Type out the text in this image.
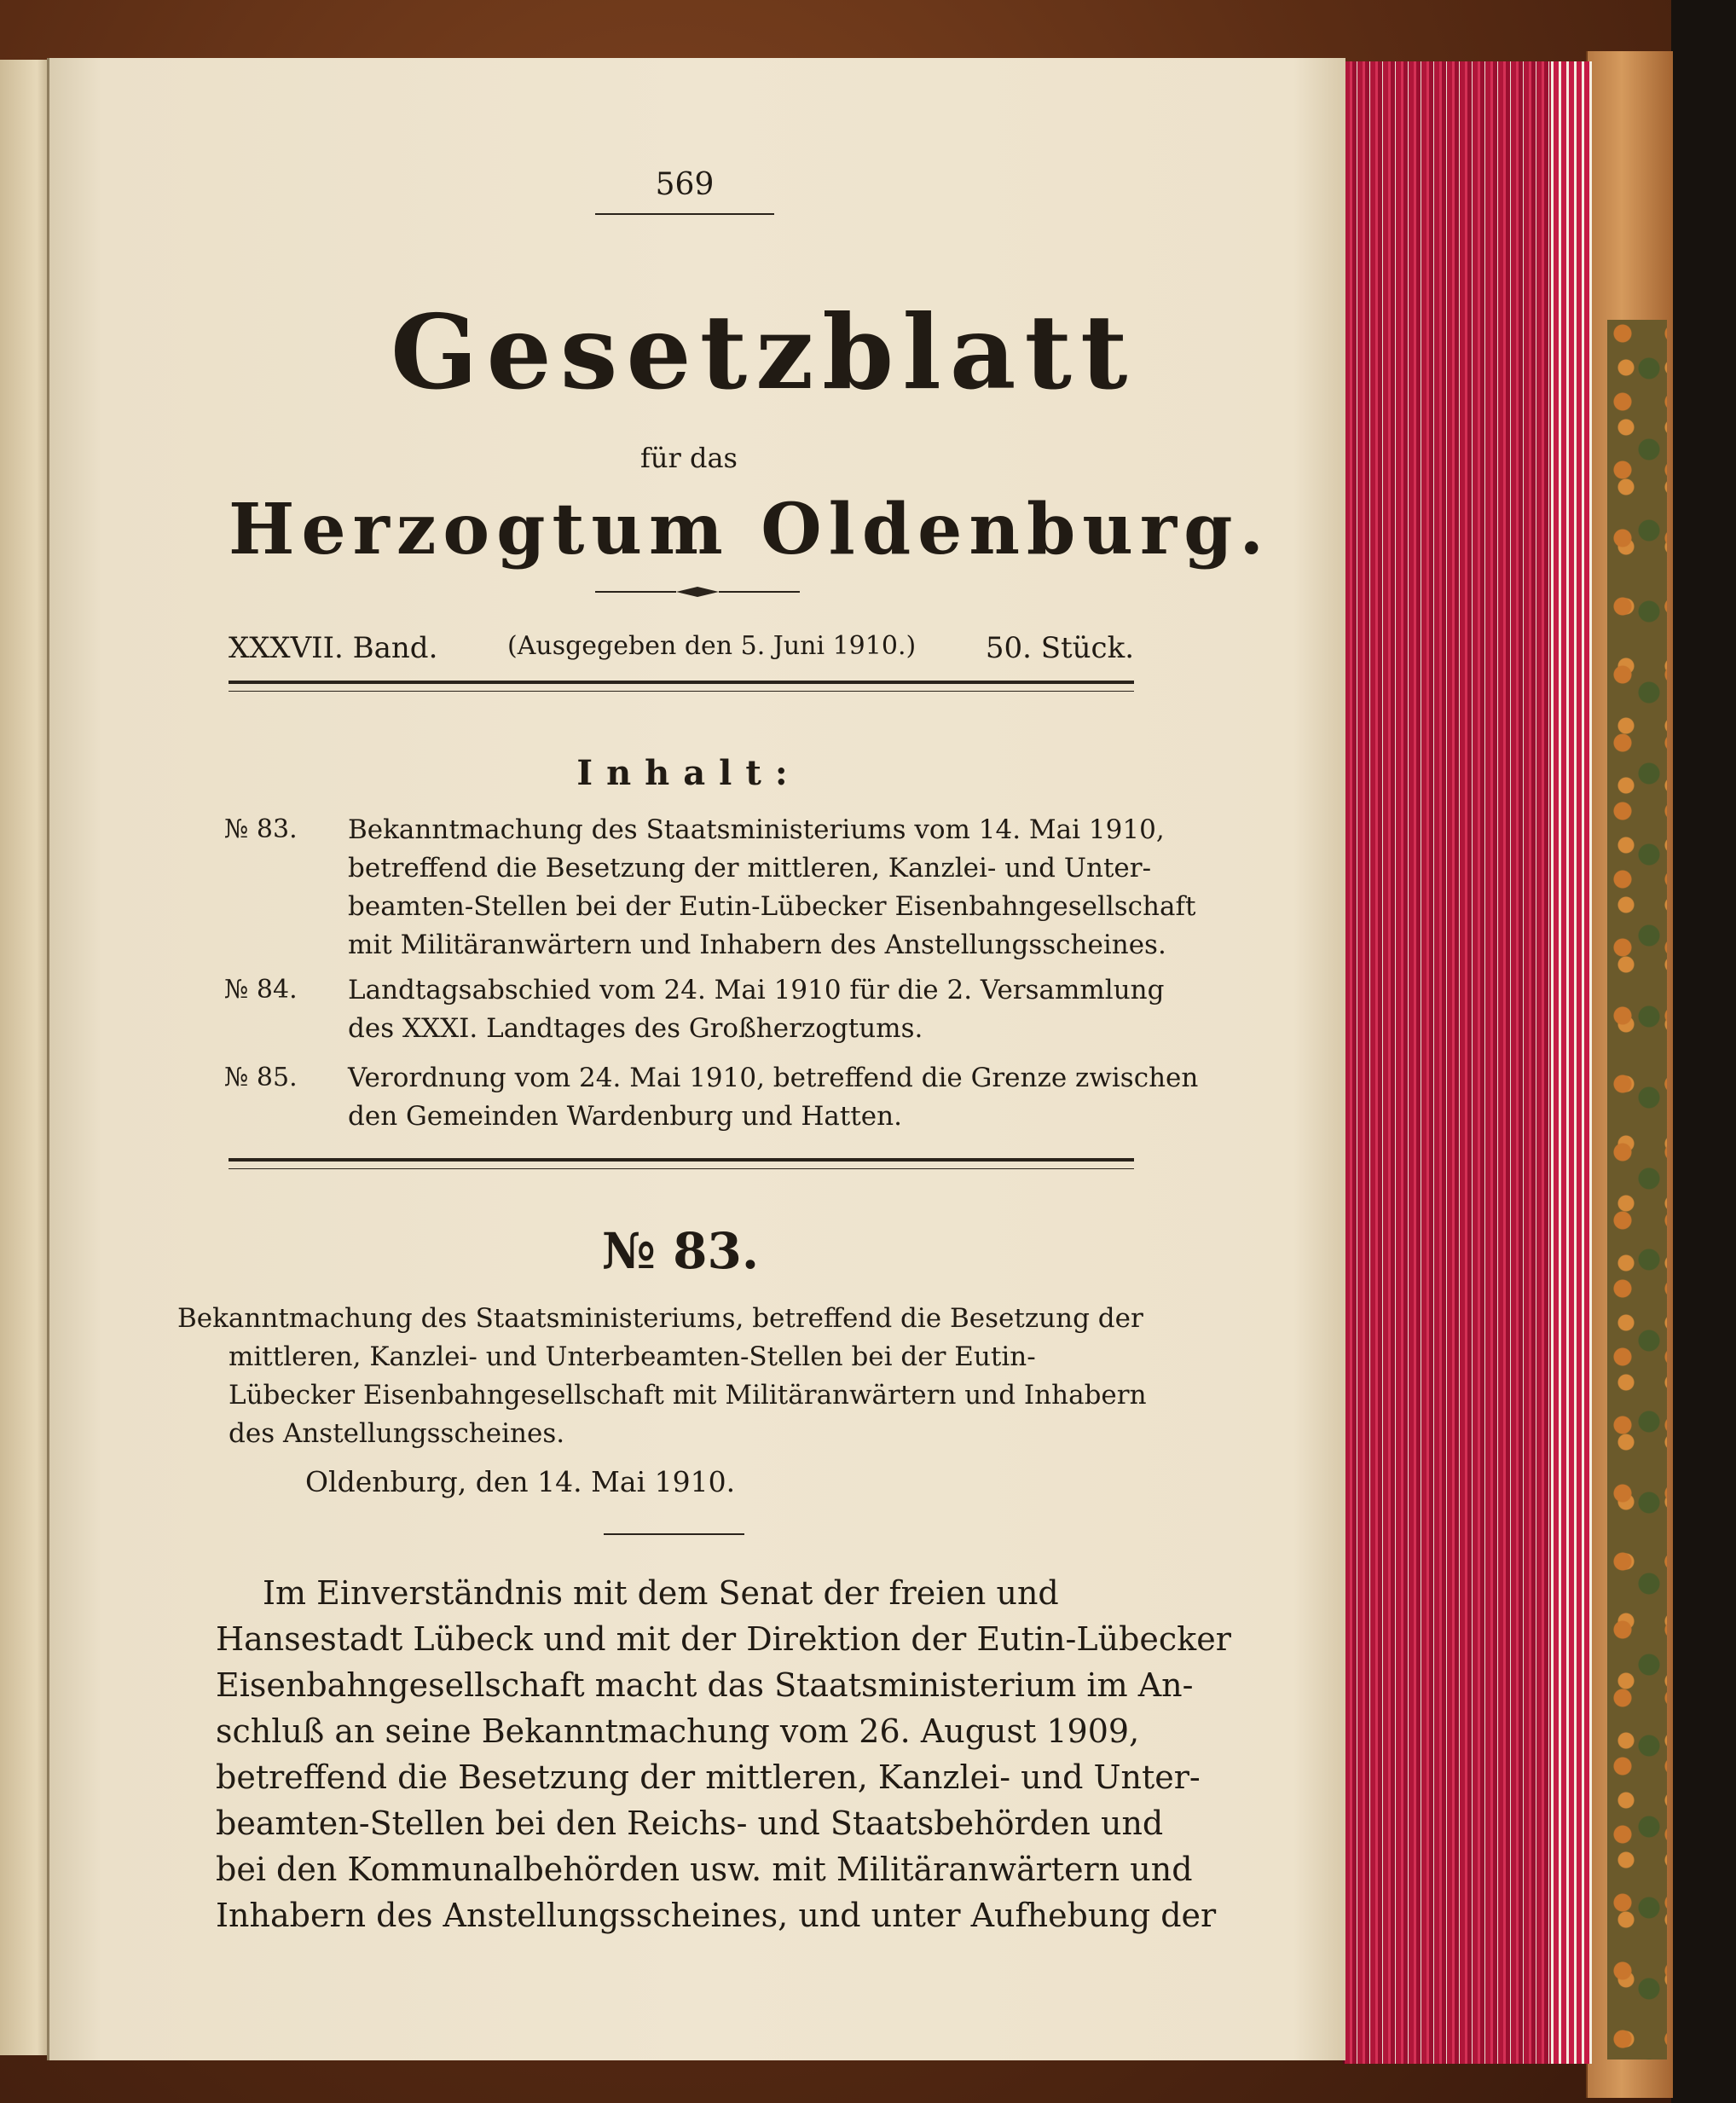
569
Gesetzblatt
für das
Herzogtum Oldenburg.
XXXVII. Band.	(Ausgegeben den 5. Juni 1910.) 50. Stück.
Inhalt:
№ 83. Bekanntmachung des Staatsministeriums vom 14. Mai 1910,
betreffend die Besetzung der mittleren, Kanzlei- und Unter-
beamten-Stellen bei der Eutin-Lübecker Eisenbahngesellschaft
mit Militäranwärtern und Inhabern des Anstellungsscheines.
№ 84. Landtagsabschied vom 24. Mai 1910 für die 2. Versammlung
des XXXI. Landtages des Großherzogtums.
№ 85. Verordnung vom 24. Mai 1910, betreffend die Grenze zwischen
den Gemeinden Wardenburg und Hatten.
№ 83.
Bekanntmachung des Staatsministeriums, betreffend die Besetzung der
mittleren, Kanzlei- und Unterbeamten-Stellen bei der Eutin-
Lübecker Eisenbahngesellschaft mit Militäranwärtern und Inhabern
des Anstellungsscheines.
Oldenburg, den 14. Mai 1910.
Im Einverständnis mit dem Senat der freien und
Hansestadt Lübeck und mit der Direktion der Eutin-Lübecker
Eisenbahngesellschaft macht das Staatsministerium im An-
schluß an seine Bekanntmachung vom 26. August 1909,
betreffend die Besetzung der mittleren, Kanzlei- und Unter-
beamten-Stellen bei den Reichs- und Staatsbehörden und
bei den Kommunalbehörden usw. mit Militäranwärtern und
Inhabern des Anstellungsscheines, und unter Aufhebung der
